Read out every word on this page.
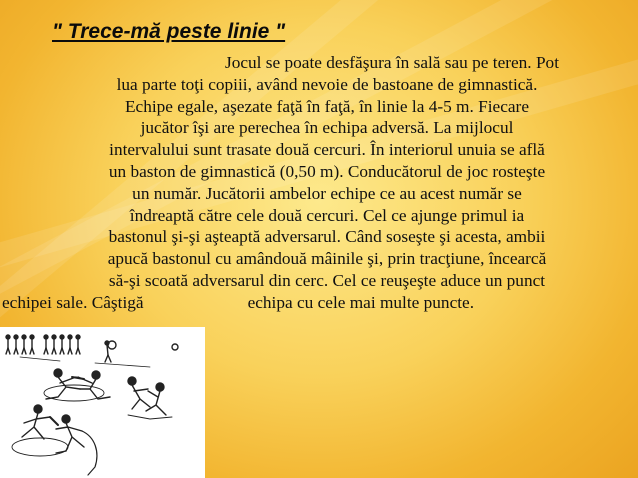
" Trece-mă peste linie "
Jocul se poate desfăşura în sală sau pe teren. Pot
lua parte toţi copiii, având nevoie de bastoane de gimnastică.
Echipe egale, aşezate faţă în faţă, în linie la 4-5 m. Fiecare
jucător îşi are perechea în echipa adversă. La mijlocul
intervalului sunt trasate două cercuri. În interiorul unuia se află
un baston de gimnastică (0,50 m). Conducătorul de joc rosteşte
un număr. Jucătorii ambelor echipe ce au acest număr se
îndreaptă către cele două cercuri. Cel ce ajunge primul ia
bastonul şi-şi aşteaptă adversarul. Când soseşte şi acesta, ambii
apucă bastonul cu amândouă mâinile şi, prin tracţiune, încearcă
să-şi scoată adversarul din cerc. Cel ce reuşeşte aduce un punct
echipei sale. Câştigă	echipa cu cele mai multe puncte.
